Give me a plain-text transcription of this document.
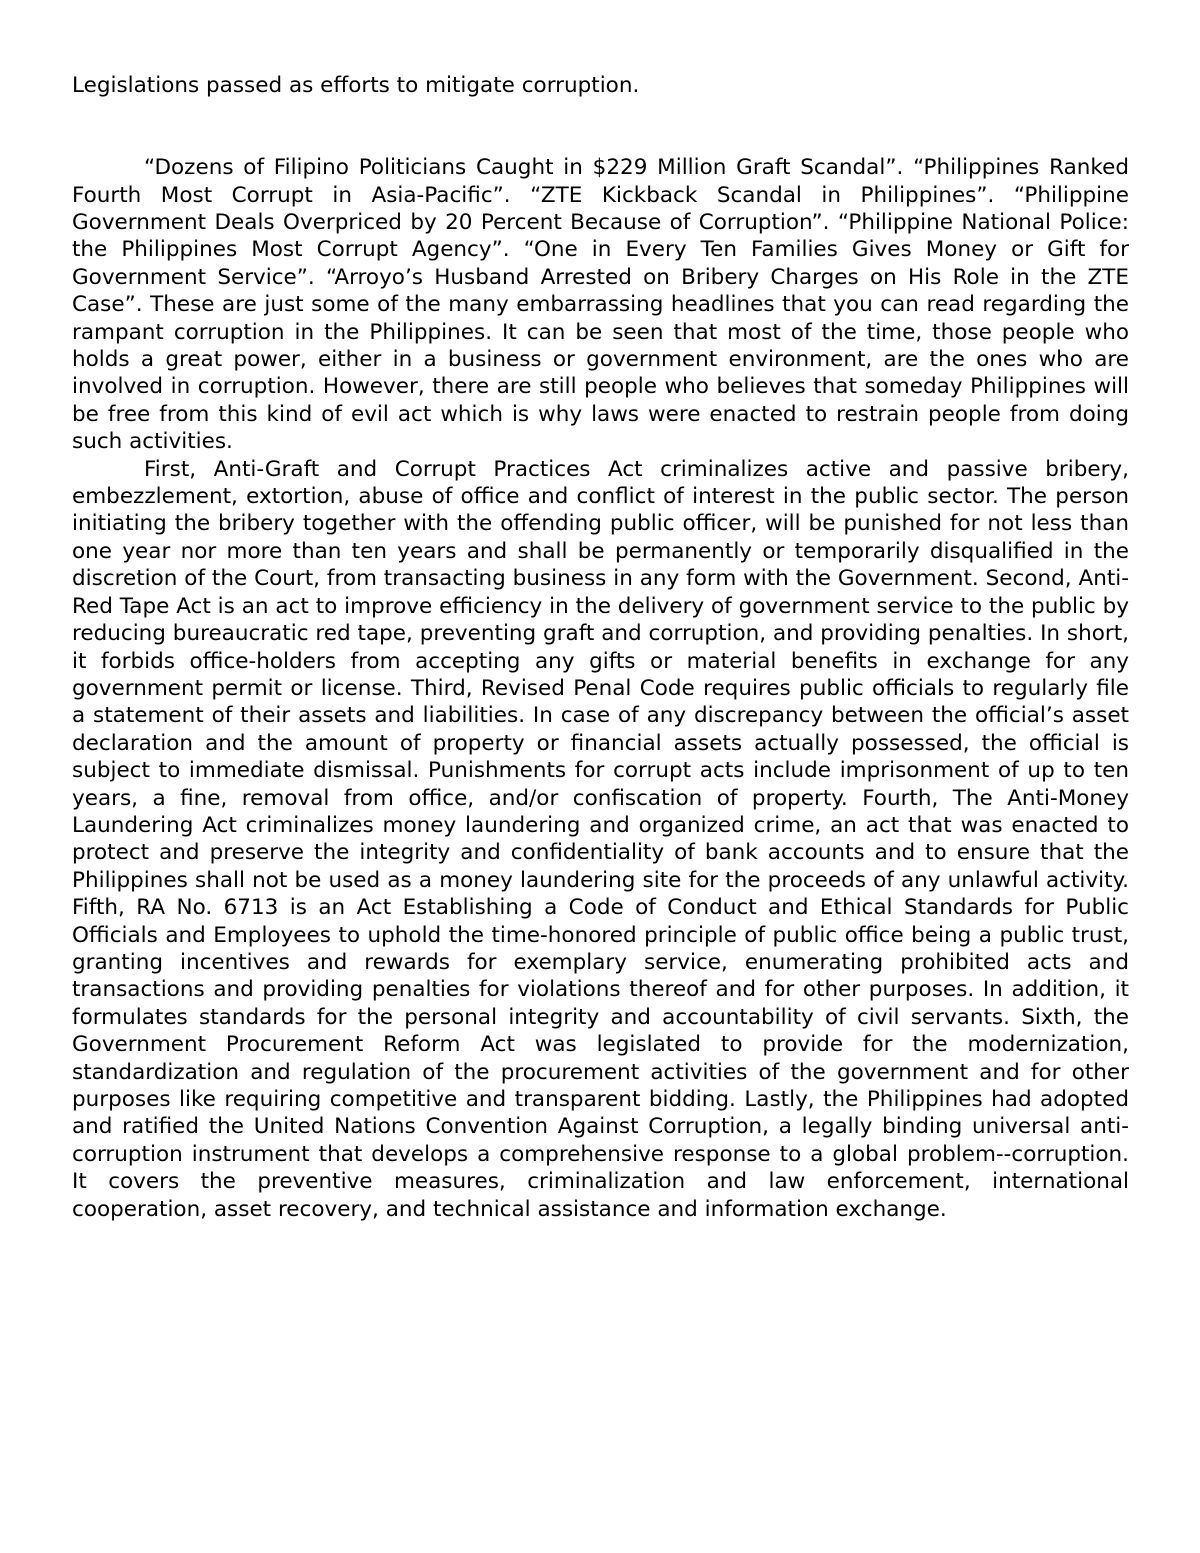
Legislations passed as efforts to mitigate corruption.

“Dozens of Filipino Politicians Caught in $229 Million Graft Scandal”. “Philippines Ranked Fourth Most Corrupt in Asia-Pacific”. “ZTE Kickback Scandal in Philippines”. “Philippine Government Deals Overpriced by 20 Percent Because of Corruption”. “Philippine National Police: the Philippines Most Corrupt Agency”. “One in Every Ten Families Gives Money or Gift for Government Service”. “Arroyo’s Husband Arrested on Bribery Charges on His Role in the ZTE Case”. These are just some of the many embarrassing headlines that you can read regarding the rampant corruption in the Philippines. It can be seen that most of the time, those people who holds a great power, either in a business or government environment, are the ones who are involved in corruption. However, there are still people who believes that someday Philippines will be free from this kind of evil act which is why laws were enacted to restrain people from doing such activities.

First, Anti-Graft and Corrupt Practices Act criminalizes active and passive bribery, embezzlement, extortion, abuse of office and conflict of interest in the public sector. The person initiating the bribery together with the offending public officer, will be punished for not less than one year nor more than ten years and shall be permanently or temporarily disqualified in the discretion of the Court, from transacting business in any form with the Government. Second, Anti-Red Tape Act is an act to improve efficiency in the delivery of government service to the public by reducing bureaucratic red tape, preventing graft and corruption, and providing penalties. In short, it forbids office-holders from accepting any gifts or material benefits in exchange for any government permit or license. Third, Revised Penal Code requires public officials to regularly file a statement of their assets and liabilities. In case of any discrepancy between the official’s asset declaration and the amount of property or financial assets actually possessed, the official is subject to immediate dismissal. Punishments for corrupt acts include imprisonment of up to ten years, a fine, removal from office, and/or confiscation of property. Fourth, The Anti-Money Laundering Act criminalizes money laundering and organized crime, an act that was enacted to protect and preserve the integrity and confidentiality of bank accounts and to ensure that the Philippines shall not be used as a money laundering site for the proceeds of any unlawful activity. Fifth, RA No. 6713 is an Act Establishing a Code of Conduct and Ethical Standards for Public Officials and Employees to uphold the time-honored principle of public office being a public trust, granting incentives and rewards for exemplary service, enumerating prohibited acts and transactions and providing penalties for violations thereof and for other purposes. In addition, it formulates standards for the personal integrity and accountability of civil servants. Sixth, the Government Procurement Reform Act was legislated to provide for the modernization, standardization and regulation of the procurement activities of the government and for other purposes like requiring competitive and transparent bidding. Lastly, the Philippines had adopted and ratified the United Nations Convention Against Corruption, a legally binding universal anti-corruption instrument that develops a comprehensive response to a global problem--corruption. It covers the preventive measures, criminalization and law enforcement, international cooperation, asset recovery, and technical assistance and information exchange.
